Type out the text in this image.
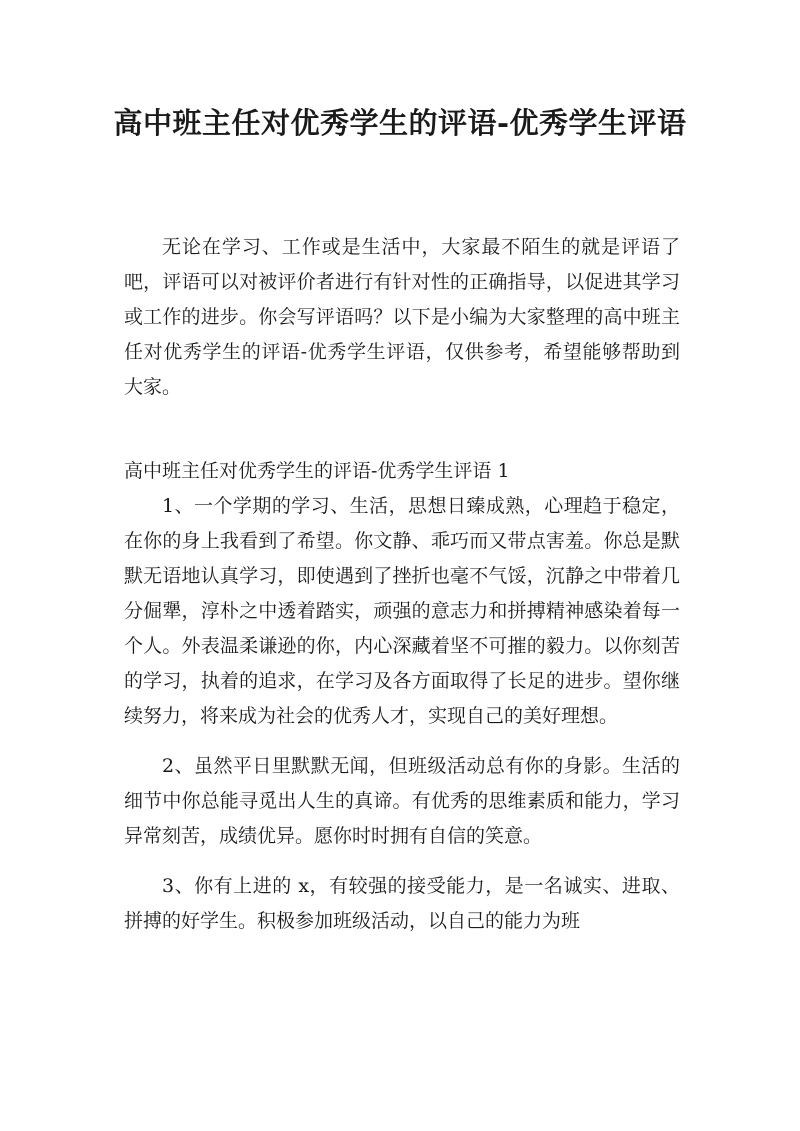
高中班主任对优秀学生的评语-优秀学生评语

无论在学习、工作或是生活中，大家最不陌生的就是评语了吧，评语可以对被评价者进行有针对性的正确指导，以促进其学习或工作的进步。你会写评语吗？以下是小编为大家整理的高中班主任对优秀学生的评语-优秀学生评语，仅供参考，希望能够帮助到大家。

高中班主任对优秀学生的评语-优秀学生评语 1

1、一个学期的学习、生活，思想日臻成熟，心理趋于稳定，在你的身上我看到了希望。你文静、乖巧而又带点害羞。你总是默默无语地认真学习，即使遇到了挫折也毫不气馁，沉静之中带着几分倔犟，淳朴之中透着踏实，顽强的意志力和拼搏精神感染着每一个人。外表温柔谦逊的你，内心深藏着坚不可摧的毅力。以你刻苦的学习，执着的追求，在学习及各方面取得了长足的进步。望你继续努力，将来成为社会的优秀人才，实现自己的美好理想。

2、虽然平日里默默无闻，但班级活动总有你的身影。生活的细节中你总能寻觅出人生的真谛。有优秀的思维素质和能力，学习异常刻苦，成绩优异。愿你时时拥有自信的笑意。

3、你有上进的 x，有较强的接受能力，是一名诚实、进取、拼搏的好学生。积极参加班级活动，以自己的能力为班
